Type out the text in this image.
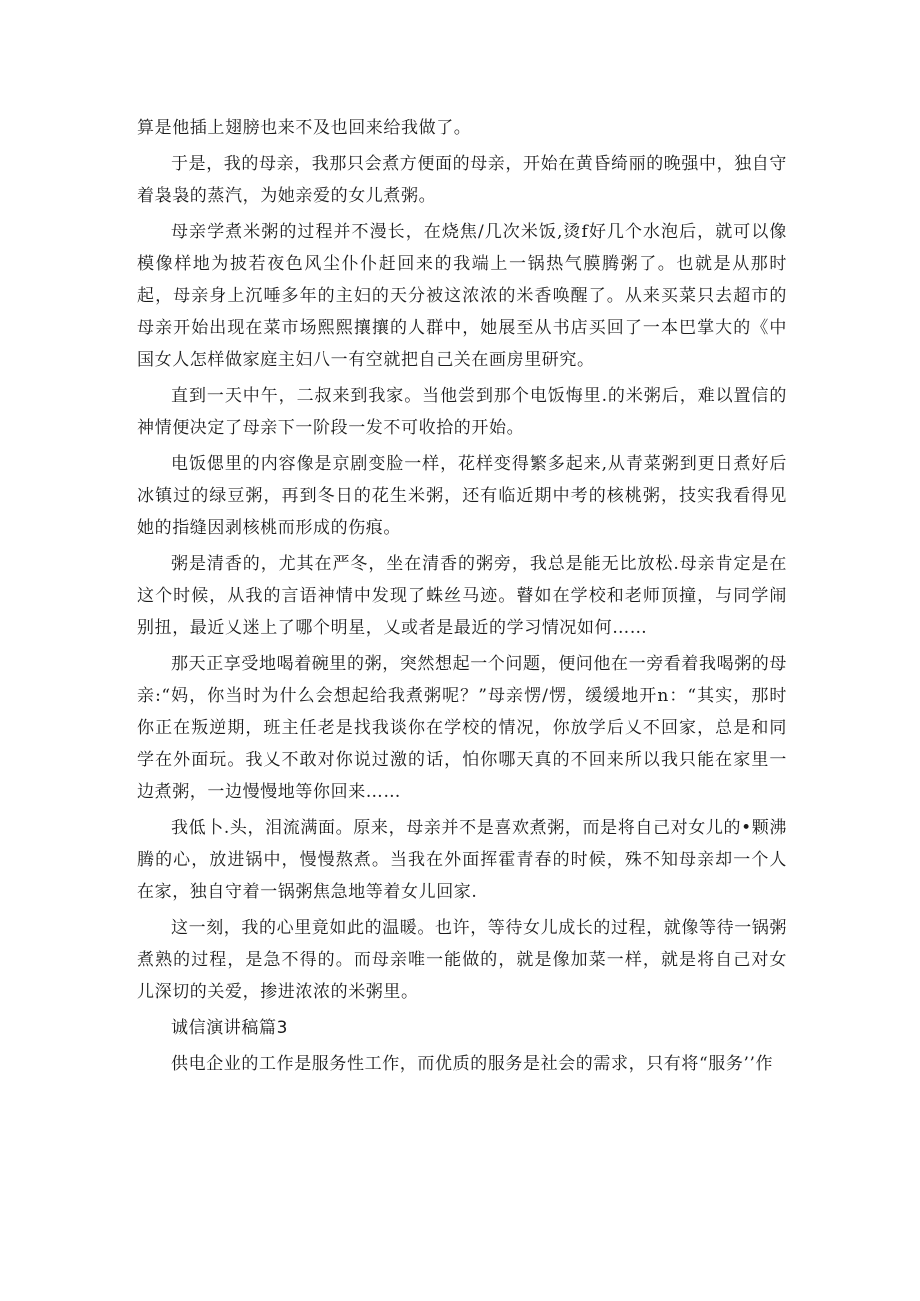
算是他插上翅膀也来不及也回来给我做了。

于是，我的母亲，我那只会煮方便面的母亲，开始在黄昏绮丽的晚强中，独自守着袅袅的蒸汽，为她亲爱的女儿煮粥。

母亲学煮米粥的过程并不漫长，在烧焦/几次米饭,烫f好几个水泡后，就可以像模像样地为披若夜色风尘仆仆赶回来的我端上一锅热气膜腾粥了。也就是从那时起，母亲身上沉唾多年的主妇的天分被这浓浓的米香唤醒了。从来买菜只去超市的母亲开始出现在菜市场熙熙攘攘的人群中，她展至从书店买回了一本巴掌大的《中国女人怎样做家庭主妇八一有空就把自己关在画房里研究。

直到一天中午，二叔来到我家。当他尝到那个电饭悔里.的米粥后，难以置信的神情便决定了母亲下一阶段一发不可收拾的开始。

电饭偲里的内容像是京剧变脸一样，花样变得繁多起来,从青菜粥到更日煮好后冰镇过的绿豆粥，再到冬日的花生米粥，还有临近期中考的核桃粥，技实我看得见她的指缝因剥核桃而形成的伤痕。

粥是清香的，尤其在严冬，坐在清香的粥旁，我总是能无比放松.母亲肯定是在这个时候，从我的言语神情中发现了蛛丝马迹。瞽如在学校和老师顶撞，与同学闹别扭，最近乂迷上了哪个明星，乂或者是最近的学习情况如何……

那天正享受地喝着碗里的粥，突然想起一个问题，便问他在一旁看着我喝粥的母亲:“妈，你当时为什么会想起给我煮粥呢？”母亲愣/愣，缓缓地开n：“其实，那时你正在叛逆期，班主任老是找我谈你在学校的情况，你放学后乂不回家，总是和同学在外面玩。我乂不敢对你说过激的话，怕你哪天真的不回来所以我只能在家里一边煮粥，一边慢慢地等你回来……

我低卜.头，泪流满面。原来，母亲并不是喜欢煮粥，而是将自己对女儿的•颗沸腾的心，放进锅中，慢慢熬煮。当我在外面挥霍青春的时候，殊不知母亲却一个人在家，独自守着一锅粥焦急地等着女儿回家.

这一刻，我的心里竟如此的温暖。也许，等待女儿成长的过程，就像等待一锅粥煮熟的过程，是急不得的。而母亲唯一能做的，就是像加菜一样，就是将自己对女儿深切的关爱，掺进浓浓的米粥里。

诚信演讲稿篇3

供电企业的工作是服务性工作，而优质的服务是社会的需求，只有将“服务’’作
